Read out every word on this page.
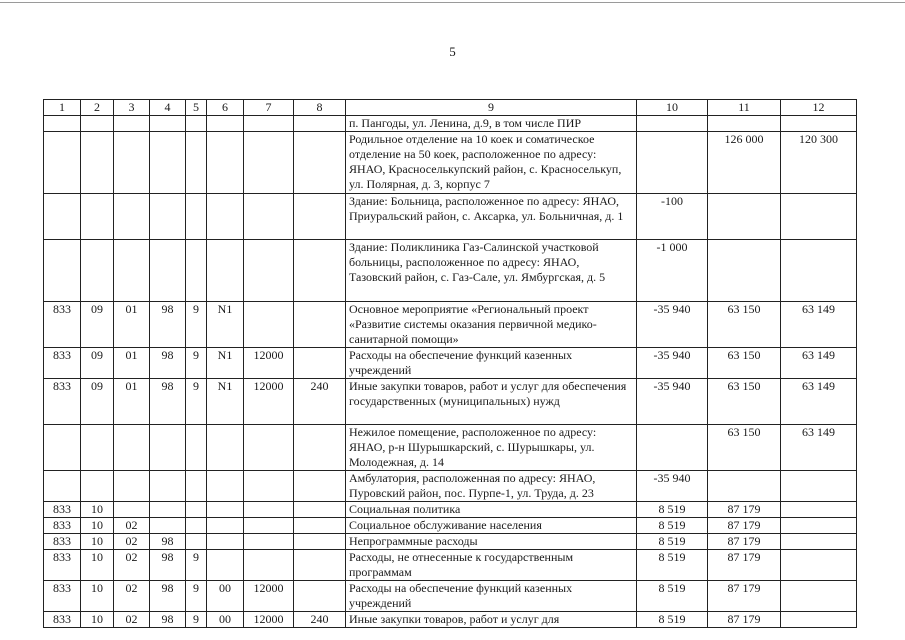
5
1	2	3	4	5	6	7	8	9	10	11	12
								п. Пангоды, ул. Ленина, д.9, в том числе ПИР			
								Родильное отделение на 10 коек и соматическое отделение на 50 коек, расположенное по адресу: ЯНАО, Красноселькупский район, с. Красноселькуп, ул. Полярная, д. 3, корпус 7		126 000	120 300
								Здание: Больница, расположенное по адресу: ЯНАО, Приуральский район, с. Аксарка, ул. Больничная, д. 1	-100		
								Здание: Поликлиника Газ-Салинской участковой больницы, расположенное по адресу: ЯНАО, Тазовский район, с. Газ-Сале, ул. Ямбургская, д. 5	-1 000		
833	09	01	98	9	N1			Основное мероприятие «Региональный проект «Развитие системы оказания первичной медико-санитарной помощи»	-35 940	63 150	63 149
833	09	01	98	9	N1	12000		Расходы на обеспечение функций казенных учреждений	-35 940	63 150	63 149
833	09	01	98	9	N1	12000	240	Иные закупки товаров, работ и услуг для обеспечения государственных (муниципальных) нужд	-35 940	63 150	63 149
								Нежилое помещение, расположенное по адресу: ЯНАО, р-н Шурышкарский, с. Шурышкары, ул. Молодежная, д. 14		63 150	63 149
								Амбулатория, расположенная по адресу: ЯНАО, Пуровский район, пос. Пурпе-1, ул. Труда, д. 23	-35 940		
833	10							Социальная политика	8 519	87 179	
833	10	02						Социальное обслуживание населения	8 519	87 179	
833	10	02	98					Непрограммные расходы	8 519	87 179	
833	10	02	98	9				Расходы, не отнесенные к государственным программам	8 519	87 179	
833	10	02	98	9	00	12000		Расходы на обеспечение функций казенных учреждений	8 519	87 179	
833	10	02	98	9	00	12000	240	Иные закупки товаров, работ и услуг для	8 519	87 179	
